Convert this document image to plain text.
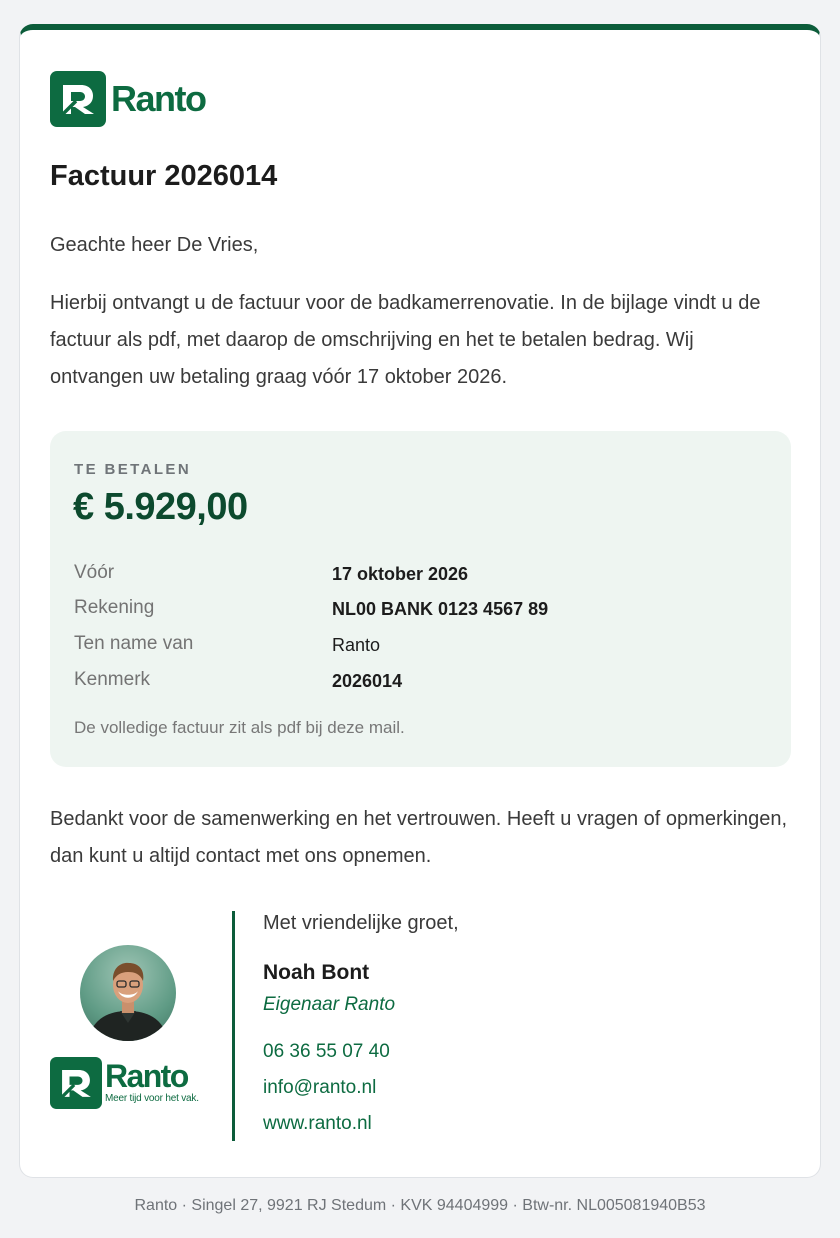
Ranto
Factuur 2026014

Geachte heer De Vries,

Hierbij ontvangt u de factuur voor de badkamerrenovatie. In de bijlage vindt u de factuur als pdf, met daarop de omschrijving en het te betalen bedrag. Wij ontvangen uw betaling graag vóór 17 oktober 2026.

TE BETALEN
€ 5.929,00
Vóór	17 oktober 2026
Rekening	NL00 BANK 0123 4567 89
Ten name van	Ranto
Kenmerk	2026014
De volledige factuur zit als pdf bij deze mail.

Bedankt voor de samenwerking en het vertrouwen. Heeft u vragen of opmerkingen, dan kunt u altijd contact met ons opnemen.

Ranto
Meer tijd voor het vak.
Met vriendelijke groet,
Noah Bont
Eigenaar Ranto
06 36 55 07 40
info@ranto.nl
www.ranto.nl
Ranto · Singel 27, 9921 RJ Stedum · KVK 94404999 · Btw-nr. NL005081940B53
